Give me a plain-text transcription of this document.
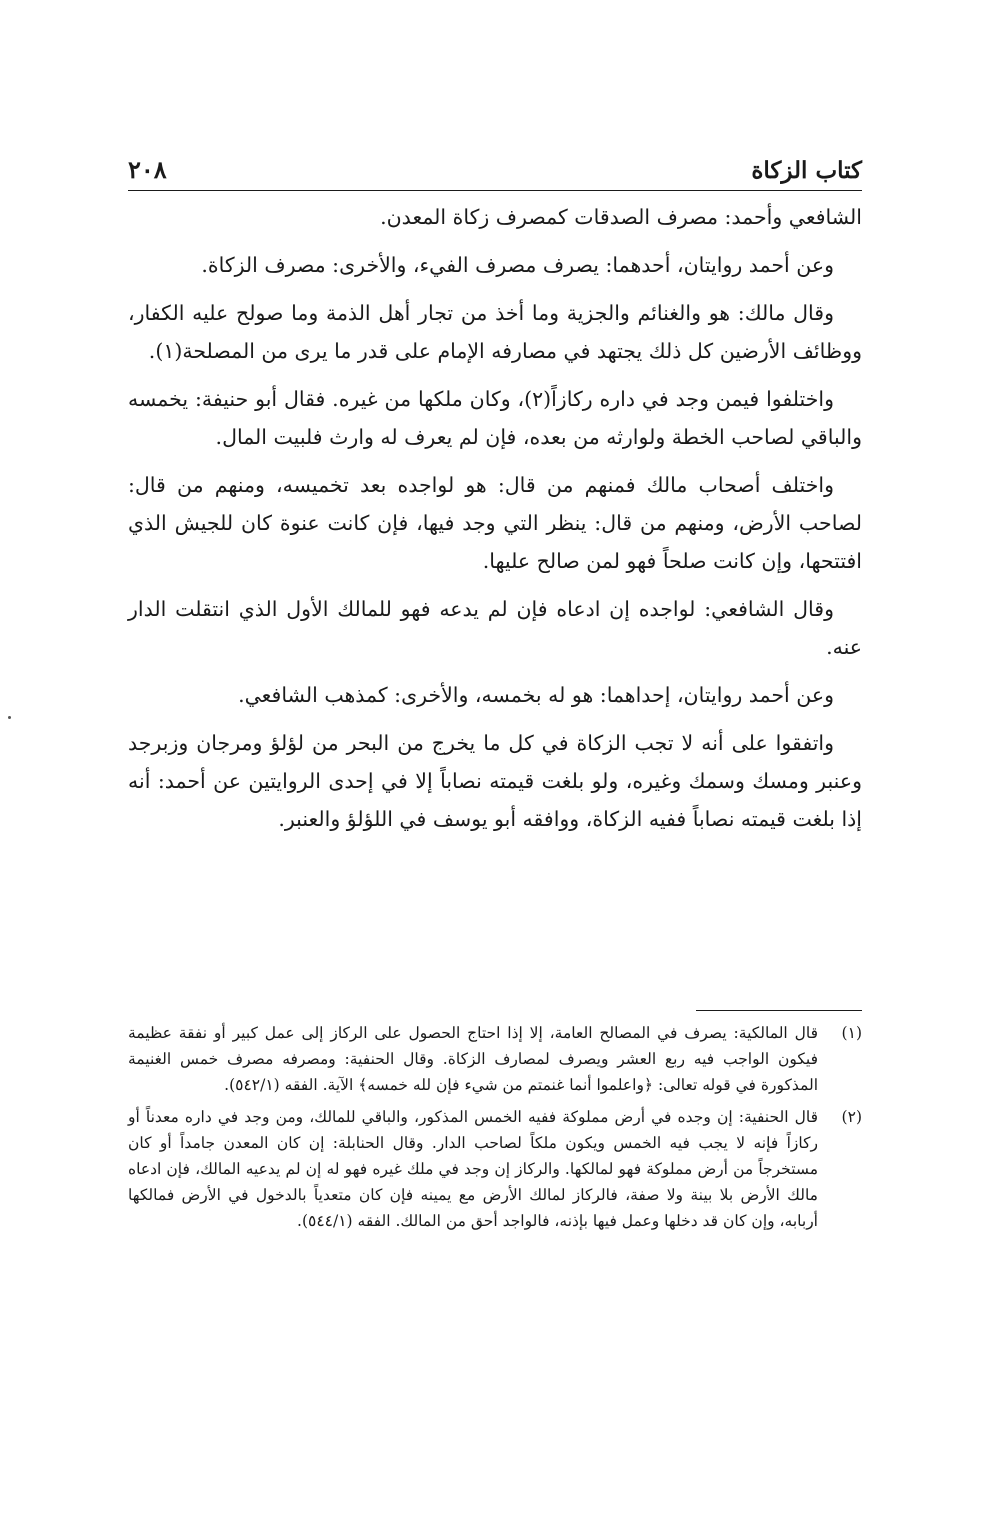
كتاب الزكاة
٢٠٨

الشافعي وأحمد: مصرف الصدقات كمصرف زكاة المعدن.

وعن أحمد روايتان، أحدهما: يصرف مصرف الفيء، والأخرى: مصرف الزكاة.

وقال مالك: هو والغنائم والجزية وما أخذ من تجار أهل الذمة وما صولح عليه الكفار، ووظائف الأرضين كل ذلك يجتهد في مصارفه الإمام على قدر ما يرى من المصلحة(١).

واختلفوا فيمن وجد في داره ركازاً(٢)، وكان ملكها من غيره. فقال أبو حنيفة: يخمسه والباقي لصاحب الخطة ولوارثه من بعده، فإن لم يعرف له وارث فلبيت المال.

واختلف أصحاب مالك فمنهم من قال: هو لواجده بعد تخميسه، ومنهم من قال: لصاحب الأرض، ومنهم من قال: ينظر التي وجد فيها، فإن كانت عنوة كان للجيش الذي افتتحها، وإن كانت صلحاً فهو لمن صالح عليها.

وقال الشافعي: لواجده إن ادعاه فإن لم يدعه فهو للمالك الأول الذي انتقلت الدار عنه.

وعن أحمد روايتان، إحداهما: هو له بخمسه، والأخرى: كمذهب الشافعي.

واتفقوا على أنه لا تجب الزكاة في كل ما يخرج من البحر من لؤلؤ ومرجان وزبرجد وعنبر ومسك وسمك وغيره، ولو بلغت قيمته نصاباً إلا في إحدى الروايتين عن أحمد: أنه إذا بلغت قيمته نصاباً ففيه الزكاة، ووافقه أبو يوسف في اللؤلؤ والعنبر.

(١)
قال المالكية: يصرف في المصالح العامة، إلا إذا احتاج الحصول على الركاز إلى عمل كبير أو نفقة عظيمة فيكون الواجب فيه ربع العشر ويصرف لمصارف الزكاة. وقال الحنفية: ومصرفه مصرف خمس الغنيمة المذكورة في قوله تعالى: ﴿واعلموا أنما غنمتم من شيء فإن لله خمسه﴾ الآية. الفقه (٥٤٢/١).
(٢)
قال الحنفية: إن وجده في أرض مملوكة ففيه الخمس المذكور، والباقي للمالك، ومن وجد في داره معدناً أو ركازاً فإنه لا يجب فيه الخمس ويكون ملكاً لصاحب الدار. وقال الحنابلة: إن كان المعدن جامداً أو كان مستخرجاً من أرض مملوكة فهو لمالكها. والركاز إن وجد في ملك غيره فهو له إن لم يدعيه المالك، فإن ادعاه مالك الأرض بلا بينة ولا صفة، فالركاز لمالك الأرض مع يمينه فإن كان متعدياً بالدخول في الأرض فمالكها أربابه، وإن كان قد دخلها وعمل فيها بإذنه، فالواجد أحق من المالك. الفقه (٥٤٤/١).
